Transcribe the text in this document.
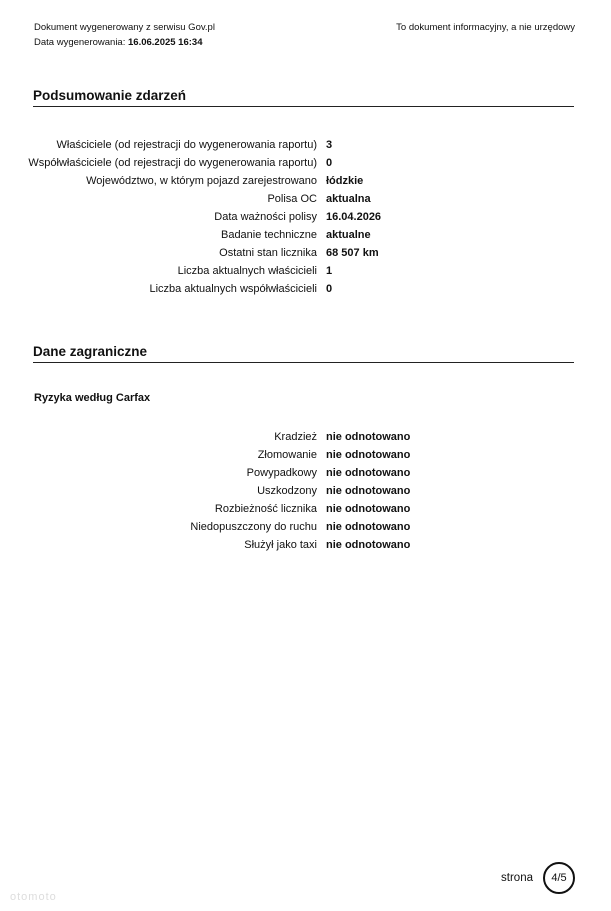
Dokument wygenerowany z serwisu Gov.pl
Data wygenerowania: 16.06.2025 16:34
To dokument informacyjny, a nie urzędowy
Podsumowanie zdarzeń
Właściciele (od rejestracji do wygenerowania raportu) 3
Współwłaściciele (od rejestracji do wygenerowania raportu) 0
Województwo, w którym pojazd zarejestrowano łódzkie
Polisa OC aktualna
Data ważności polisy 16.04.2026
Badanie techniczne aktualne
Ostatni stan licznika 68 507 km
Liczba aktualnych właścicieli 1
Liczba aktualnych współwłaścicieli 0
Dane zagraniczne
Ryzyka według Carfax
Kradzież nie odnotowano
Złomowanie nie odnotowano
Powypadkowy nie odnotowano
Uszkodzony nie odnotowano
Rozbieżność licznika nie odnotowano
Niedopuszczony do ruchu nie odnotowano
Służył jako taxi nie odnotowano
strona	4/5
otomoto
